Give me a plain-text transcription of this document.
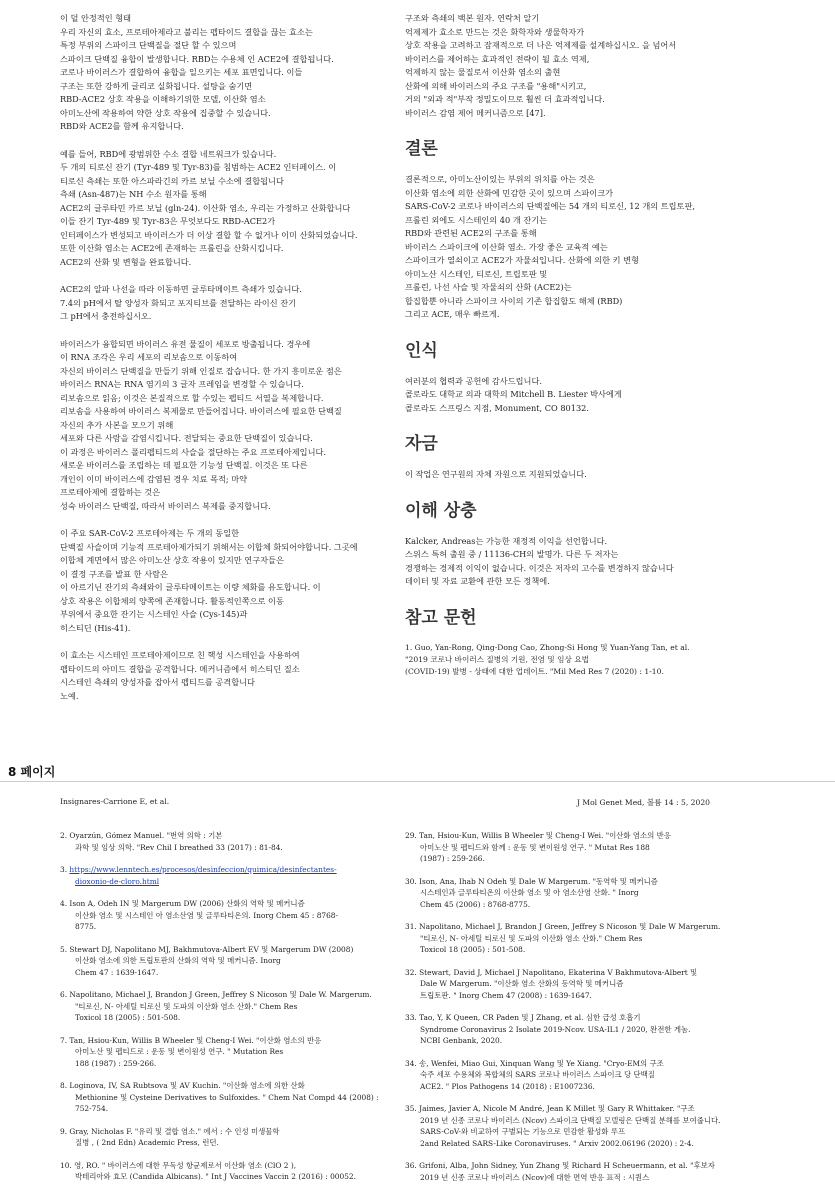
이 덜 안정적인 형태
우리 자신의 효소, 프로테아제라고 불리는 펩타이드 결합을 끊는 효소는
특정 부위의 스파이크 단백질을 절단 할 수 있으며
스파이크 단백질 융합이 발생합니다. RBD는 수용체 인 ACE2에 결합됩니다.
코로나 바이러스가 결합하여 융합을 일으키는 세포 표면입니다. 이들
구조는 또한 강하게 글리코 실화됩니다. 설탕을 숨기면
RBD-ACE2 상호 작용을 이해하기위한 모델, 이산화 염소
아미노산에 작용하여 약한 상호 작용에 집중할 수 있습니다.
RBD와 ACE2를 함께 유지합니다.

예를 들어, RBD에 광범위한 수소 결합 네트워크가 있습니다.
두 개의 티로신 잔기 (Tyr-489 및 Tyr-83)를 침범하는 ACE2 인터페이스. 이
티로신 측쇄는 또한 아스파라긴의 카르 보닐 수소에 결합됩니다
측쇄 (Asn-487)는 NH 수소 원자를 통해
ACE2의 글루타민 카르 보닐 (gln-24). 이산화 염소, 우리는 가정하고 산화합니다
이들 잔기 Tyr-489 및 Tyr-83은 무엇보다도 RBD-ACE2가
인터페이스가 변성되고 바이러스가 더 이상 결합 할 수 없거나 이미 산화되었습니다.
또한 이산화 염소는 ACE2에 존재하는 프롤린을 산화시킵니다.
ACE2의 산화 및 변형을 완료합니다.

ACE2의 알파 나선을 따라 이동하면 글루타메이트 측쇄가 있습니다.
7.4의 pH에서 탈 양성자 화되고 포지티브를 전달하는 라이신 잔기
그 pH에서 충전하십시오.

바이러스가 융합되면 바이러스 유전 물질이 세포로 방출됩니다. 경우에
이 RNA 조각은 우리 세포의 리보솜으로 이동하여
자신의 바이러스 단백질을 만들기 위해 인질로 잡습니다. 한 가지 흥미로운 점은
바이러스 RNA는 RNA 염기의 3 글자 프레임을 변경할 수 있습니다.
리보솜으로 읽음; 이것은 본질적으로 할 수있는 펩티드 서열을 복제합니다.
리보솜을 사용하여 바이러스 복제물로 만들어집니다. 바이러스에 필요한 단백질
자신의 추가 사본을 모으기 위해
세포와 다른 사람을 감염시킵니다. 전달되는 중요한 단백질이 있습니다.
이 과정은 바이러스 폴리펩티드의 사슬을 절단하는 주요 프로테아제입니다.
새로운 바이러스를 조립하는 데 필요한 기능성 단백질. 이것은 또 다른
개인이 이미 바이러스에 감염된 경우 치료 목적; 마약
프로테아제에 결합하는 것은
성숙 바이러스 단백질, 따라서 바이러스 복제를 중지합니다.

이 주요 SAR-CoV-2 프로테아제는 두 개의 동일한
단백질 사슬이며 기능적 프로테아제가되기 위해서는 이합체 화되어야합니다. 그곳에
이합체 계면에서 많은 아미노산 상호 작용이 있지만 연구자들은
이 결정 구조를 발표 한 사람은
이 아르기닌 잔기의 측쇄와이 글루타메이트는 이량 체화를 유도합니다. 이
상호 작용은 이합체의 양쪽에 존재합니다. 활동적인쪽으로 이동
부위에서 중요한 잔기는 시스테인 사슬 (Cys-145)과
히스티딘 (His-41).

이 효소는 시스테인 프로테아제이므로 친 핵성 시스테인을 사용하여
펩타이드의 아미드 결합을 공격합니다. 메커니즘에서 히스티딘 질소
시스테인 측쇄의 양성자를 잡아서 펩티드를 공격합니다
노예.

구조와 측쇄의 백본 원자. 연락처 알기
억제제가 효소로 만드는 것은 화학자와 생물학자가
상호 작용을 고려하고 잠재적으로 더 나은 억제제를 설계하십시오. 을 넘어서
바이러스를 제어하는 효과적인 전략이 될 효소 역제,
억제하지 않는 물질로서 이산화 염소의 출현
산화에 의해 바이러스의 주요 구조를 "용해"시키고,
거의 "외과 적"부작 정밀도이므로 훨씬 더 효과적입니다.
바이러스 감염 제어 메커니즘으로 [47].

결론

결론적으로, 아미노산이있는 부위의 위치를 아는 것은
이산화 염소에 의한 산화에 민감한 곳이 있으며 스파이크가
SARS-CoV-2 코로나 바이러스의 단백질에는 54 개의 티로신, 12 개의 트립토판,
프롤린 외에도 시스테인의 40 개 잔기는
RBD와 관련된 ACE2의 구조를 통해
바이러스 스파이크에 이산화 염소. 가장 좋은 교육적 예는
스파이크가 열쇠이고 ACE2가 자물쇠입니다. 산화에 의한 키 변형
아미노산 시스테인, 티로신, 트립토판 및
프롤린, 나선 사슬 및 자물쇠의 산화 (ACE2)는
합집합뿐 아니라 스파이크 사이의 기존 합집합도 해체 (RBD)
그리고 ACE, 매우 빠르게.

인식

여러분의 협력과 공헌에 감사드립니다.
콜로라도 대학교 의과 대학의 Mitchell B. Liester 박사에게
콜로라도 스프링스 지점, Monument, CO 80132.

자금

이 작업은 연구원의 자체 자원으로 지원되었습니다.

이해 상충

Kalcker, Andreas는 가능한 재정적 이익을 선언합니다.
스위스 특허 출원 중 / 11136-CH의 발명가. 다른 두 저자는
경쟁하는 경제적 이익이 없습니다. 이것은 저자의 고수를 변경하지 않습니다
데이터 및 자료 교환에 관한 모든 정책에.

참고 문헌

1. Guo, Yan-Rong, Qing-Dong Cao, Zhong-Si Hong 및 Yuan-Yang Tan, et al.
"2019 코로나 바이러스 질병의 기원, 전염 및 임상 요법
(COVID-19) 발병 - 상태에 대한 업데이트. "Mil Med Res 7 (2020) : 1-10.

8 페이지
Insignares-Carrione E, et al.	J Mol Genet Med, 볼륨 14 : 5, 2020

2. Oyarzún, Gómez Manuel. "번역 의학 : 기본
과학 및 임상 의학. "Rev Chil I breathed 33 (2017) : 81-84.

3. https://www.lenntech.es/procesos/desinfeccion/quimica/desinfectantes-
dioxonio-de-cloro.html

4. Ison A, Odeh IN 및 Margerum DW (2006) 산화의 역학 및 메커니즘
이산화 염소 및 시스테인 아 염소산염 및 글루타티온의. Inorg Chem 45 : 8768-
8775.

5. Stewart DJ, Napolitano MJ, Bakhmutova-Albert EV 및 Margerum DW (2008)
이산화 염소에 의한 트립토판의 산화의 역학 및 메커니즘. Inorg
Chem 47 : 1639-1647.

6. Napolitano, Michael J, Brandon J Green, Jeffrey S Nicoson 및 Dale W. Margerum.
"티로신, N- 아세틸 티로신 및 도파의 이산화 염소 산화." Chem Res
Toxicol 18 (2005) : 501-508.

7. Tan, Hsiou-Kun, Willis B Wheeler 및 Cheng-I Wei. "이산화 염소의 반응
아미노산 및 펩티드로 : 운동 및 변이원성 연구. " Mutation Res
188 (1987) : 259-266.

8. Loginova, IV, SA Rubtsova 및 AV Kuchin. "이산화 염소에 의한 산화
Methionine 및 Cysteine Derivatives to Sulfoxides. " Chem Nat Compd 44 (2008) :
752-754.

9. Gray, Nicholas F. "유리 및 결합 염소." 에서 : 수 인성 미생물학
질병 , ( 2nd Edn) Academic Press, 런던.

10. 영, RO. " 바이러스에 대한 무독성 항균제로서 이산화 염소 (ClO 2 ),
박테리아와 효모 (Candida Albicans). " Int J Vaccines Vaccin 2 (2016) : 00052.

29. Tan, Hsiou-Kun, Willis B Wheeler 및 Cheng-I Wei. "이산화 염소의 반응
아미노산 및 펩티드와 함께 : 운동 및 변이원성 연구. " Mutat Res 188
(1987) : 259-266.

30. Ison, Ana, Ihab N Odeh 및 Dale W Margerum. "동역학 및 메커니즘
시스테인과 글루타티온의 이산화 염소 및 아 염소산염 산화. " Inorg
Chem 45 (2006) : 8768-8775.

31. Napolitano, Michael J, Brandon J Green, Jeffrey S Nicoson 및 Dale W Margerum.
"티로신, N- 아세틸 티로신 및 도파의 이산화 염소 산화." Chem Res
Toxicol 18 (2005) : 501-508.

32. Stewart, David J, Michael J Napolitano, Ekaterina V Bakhmutova-Albert 및
Dale W Margerum. "이산화 염소 산화의 동역학 및 메커니즘
트립토판. " Inorg Chem 47 (2008) : 1639-1647.

33. Tao, Y, K Queen, CR Paden 및 J Zhang, et al. 심한 급성 호흡기
Syndrome Coronavirus 2 Isolate 2019-Ncov. USA-IL1 / 2020, 완전한 게놈.
NCBI Genbank, 2020.

34. 송, Wenfei, Miao Gui, Xinquan Wang 및 Ye Xiang. "Cryo-EM의 구조
숙주 세포 수용체와 복합체의 SARS 코로나 바이러스 스파이크 당 단백질
ACE2. " Plos Pathogens 14 (2018) : E1007236.

35. Jaimes, Javier A, Nicole M André, Jean K Millet 및 Gary R Whittaker. "구조
2019 년 신종 코로나 바이러스 (Ncov) 스파이크 단백질 모델링은 단백질 분해를 보여줍니다.
SARS-CoV-와 비교하여 구별되는 기능으로 민감한 활성화 루프
2and Related SARS-Like Coronaviruses. " Arxiv 2002.06196 (2020) : 2-4.

36. Grifoni, Alba, John Sidney, Yun Zhang 및 Richard H Scheuermann, et al. "후보자
2019 년 신종 코로나 바이러스 (Ncov)에 대한 면역 반응 표적 : 시퀀스
